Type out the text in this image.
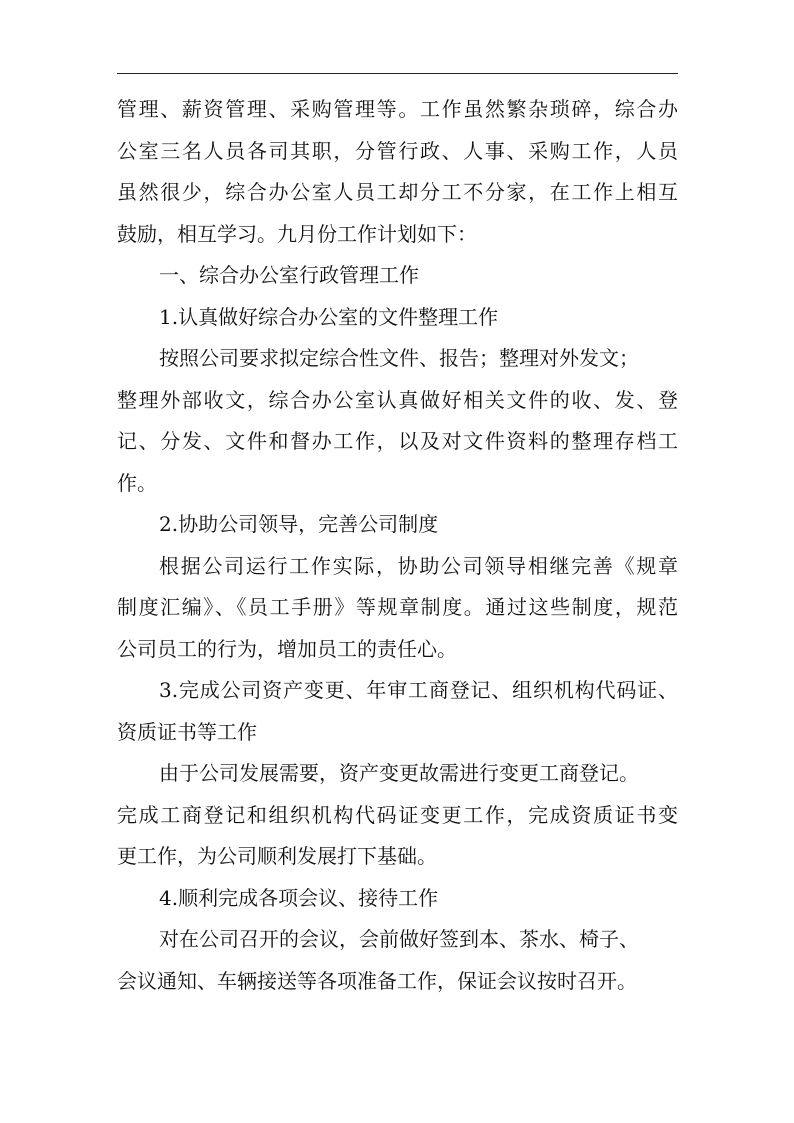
管理、薪资管理、采购管理等。工作虽然繁杂琐碎，综合办
公室三名人员各司其职，分管行政、人事、采购工作，人员
虽然很少，综合办公室人员工却分工不分家，在工作上相互
鼓励，相互学习。九月份工作计划如下：
一、综合办公室行政管理工作
1.认真做好综合办公室的文件整理工作
按照公司要求拟定综合性文件、报告；整理对外发文；
整理外部收文，综合办公室认真做好相关文件的收、发、登
记、分发、文件和督办工作，以及对文件资料的整理存档工
作。
2.协助公司领导，完善公司制度
根据公司运行工作实际，协助公司领导相继完善《规章
制度汇编》、《员工手册》等规章制度。通过这些制度，规范
公司员工的行为，增加员工的责任心。
3.完成公司资产变更、年审工商登记、组织机构代码证、
资质证书等工作
由于公司发展需要，资产变更故需进行变更工商登记。
完成工商登记和组织机构代码证变更工作，完成资质证书变
更工作，为公司顺利发展打下基础。
4.顺利完成各项会议、接待工作
对在公司召开的会议，会前做好签到本、茶水、椅子、
会议通知、车辆接送等各项准备工作，保证会议按时召开。
